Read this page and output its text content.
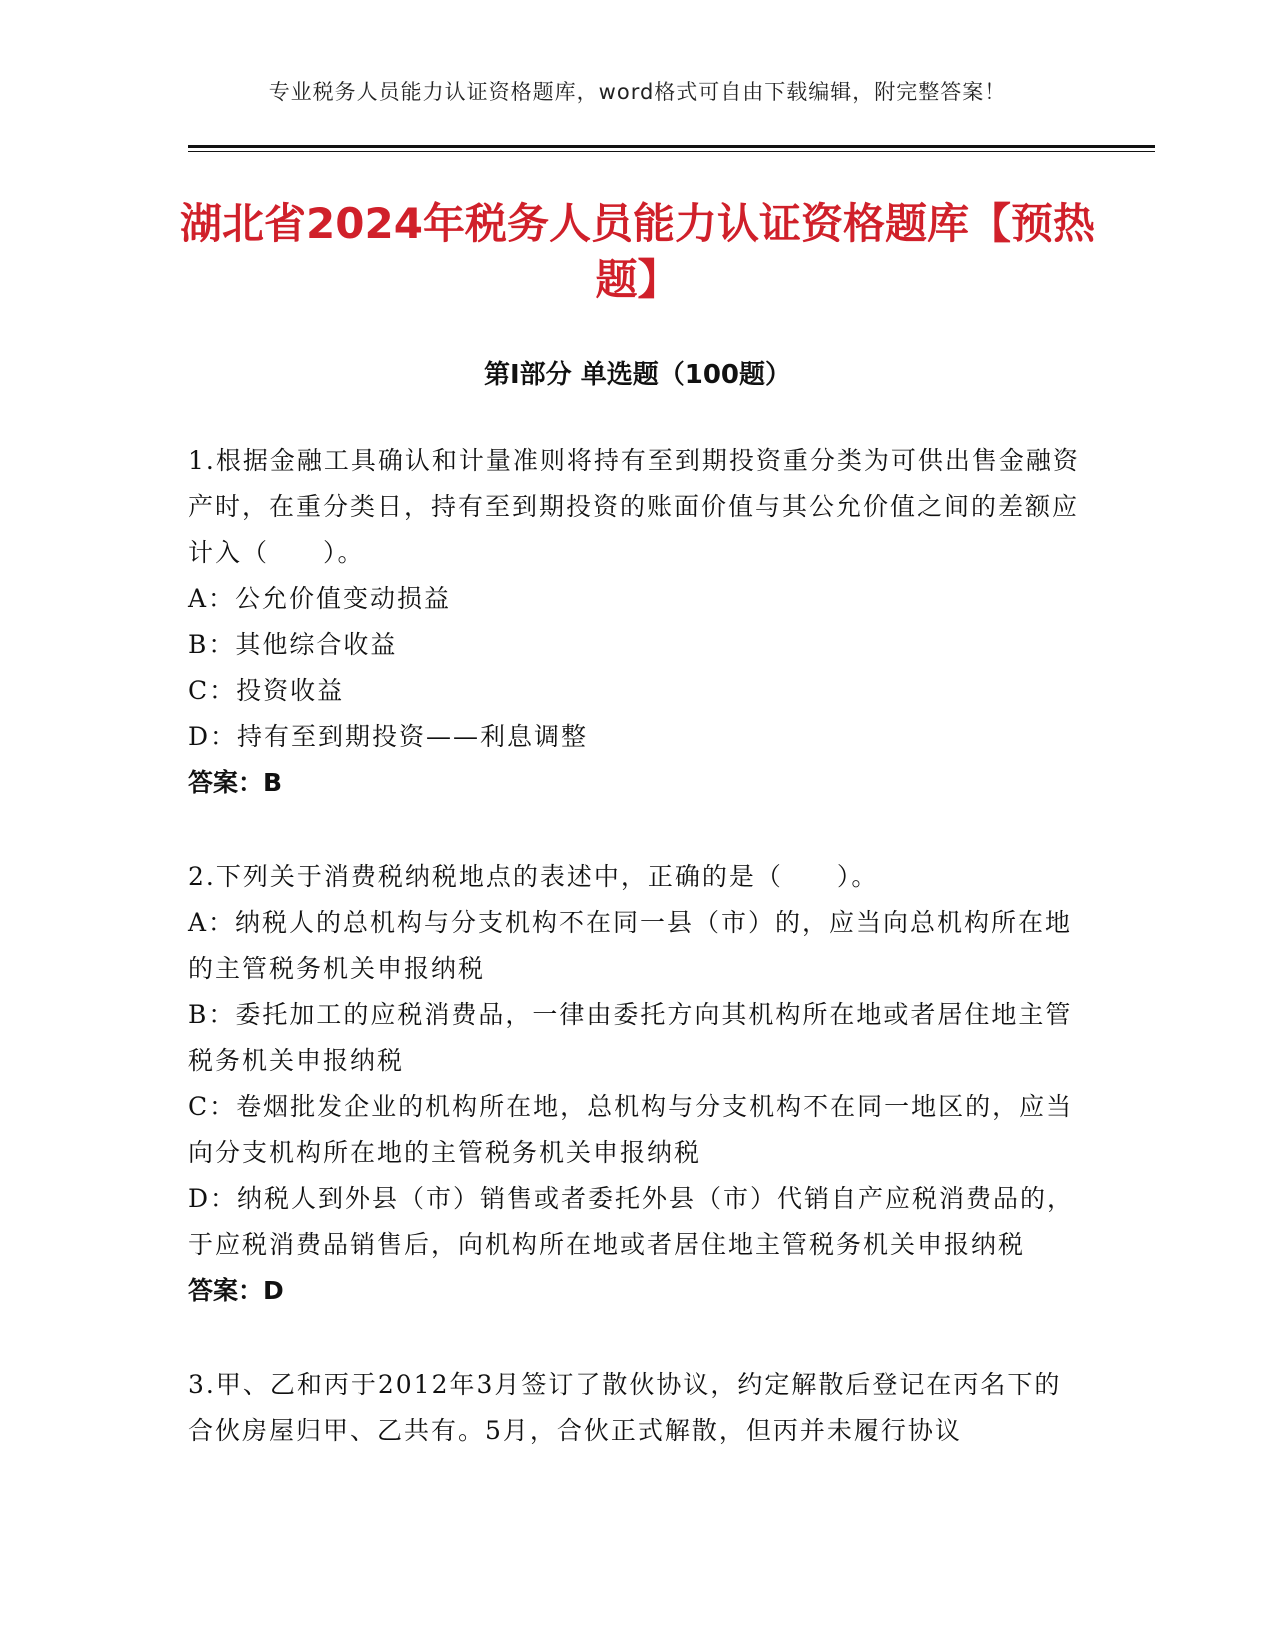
专业税务人员能力认证资格题库，word格式可自由下载编辑，附完整答案！
湖北省2024年税务人员能力认证资格题库【预热题】
第I部分 单选题（100题）
1.根据金融工具确认和计量准则将持有至到期投资重分类为可供出售金融资产时，在重分类日，持有至到期投资的账面价值与其公允价值之间的差额应计入（　　）。
A：公允价值变动损益
B：其他综合收益
C：投资收益
D：持有至到期投资——利息调整
答案：B
2.下列关于消费税纳税地点的表述中，正确的是（　　）。
A：纳税人的总机构与分支机构不在同一县（市）的，应当向总机构所在地的主管税务机关申报纳税
B：委托加工的应税消费品，一律由委托方向其机构所在地或者居住地主管税务机关申报纳税
C：卷烟批发企业的机构所在地，总机构与分支机构不在同一地区的，应当向分支机构所在地的主管税务机关申报纳税
D：纳税人到外县（市）销售或者委托外县（市）代销自产应税消费品的，于应税消费品销售后，向机构所在地或者居住地主管税务机关申报纳税
答案：D
3.甲、乙和丙于2012年3月签订了散伙协议，约定解散后登记在丙名下的合伙房屋归甲、乙共有。5月，合伙正式解散，但丙并未履行协议
